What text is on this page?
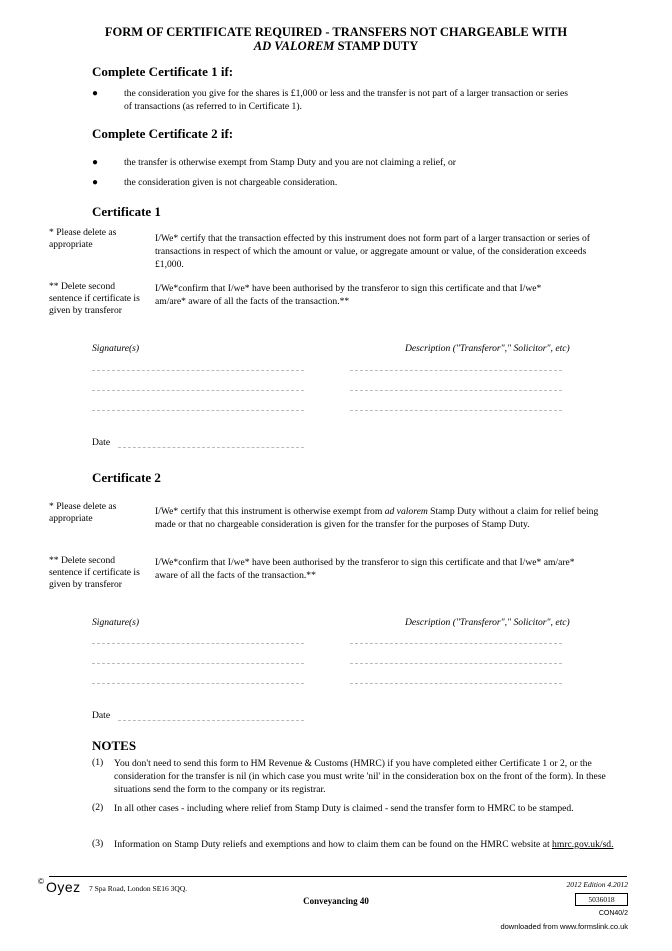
FORM OF CERTIFICATE REQUIRED - TRANSFERS NOT CHARGEABLE WITH
AD VALOREM STAMP DUTY
Complete Certificate 1 if:
●	the consideration you give for the shares is £1,000 or less and the transfer is not part of a larger transaction or series of transactions (as referred to in Certificate 1).
Complete Certificate 2 if:
●	the transfer is otherwise exempt from Stamp Duty and you are not claiming a relief, or
●	the consideration given is not chargeable consideration.
Certificate 1
* Please delete as appropriate
I/We* certify that the transaction effected by this instrument does not form part of a larger transaction or series of transactions in respect of which the amount or value, or aggregate amount or value, of the consideration exceeds £1,000.
** Delete second sentence if certificate is given by transferor
I/We*confirm that I/we* have been authorised by the transferor to sign this certificate and that I/we* am/are* aware of all the facts of the transaction.**
Signature(s)	Description ("Transferor"," Solicitor", etc)
Date
Certificate 2
* Please delete as appropriate
I/We* certify that this instrument is otherwise exempt from ad valorem Stamp Duty without a claim for relief being made or that no chargeable consideration is given for the transfer for the purposes of Stamp Duty.
** Delete second sentence if certificate is given by transferor
I/We*confirm that I/we* have been authorised by the transferor to sign this certificate and that I/we* am/are* aware of all the facts of the transaction.**
Signature(s)	Description ("Transferor"," Solicitor", etc)
Date
NOTES
(1) You don't need to send this form to HM Revenue & Customs (HMRC) if you have completed either Certificate 1 or 2, or the consideration for the transfer is nil (in which case you must write 'nil' in the consideration box on the front of the form). In these situations send the form to the company or its registrar.
(2) In all other cases - including where relief from Stamp Duty is claimed - send the transfer form to HMRC to be stamped.
(3) Information on Stamp Duty reliefs and exemptions and how to claim them can be found on the HMRC website at hmrc.gov.uk/sd.
© Oyez 7 Spa Road, London SE16 3QQ.	2012 Edition 4.2012
Conveyancing 40	5036018
CON40/2
downloaded from www.formslink.co.uk
